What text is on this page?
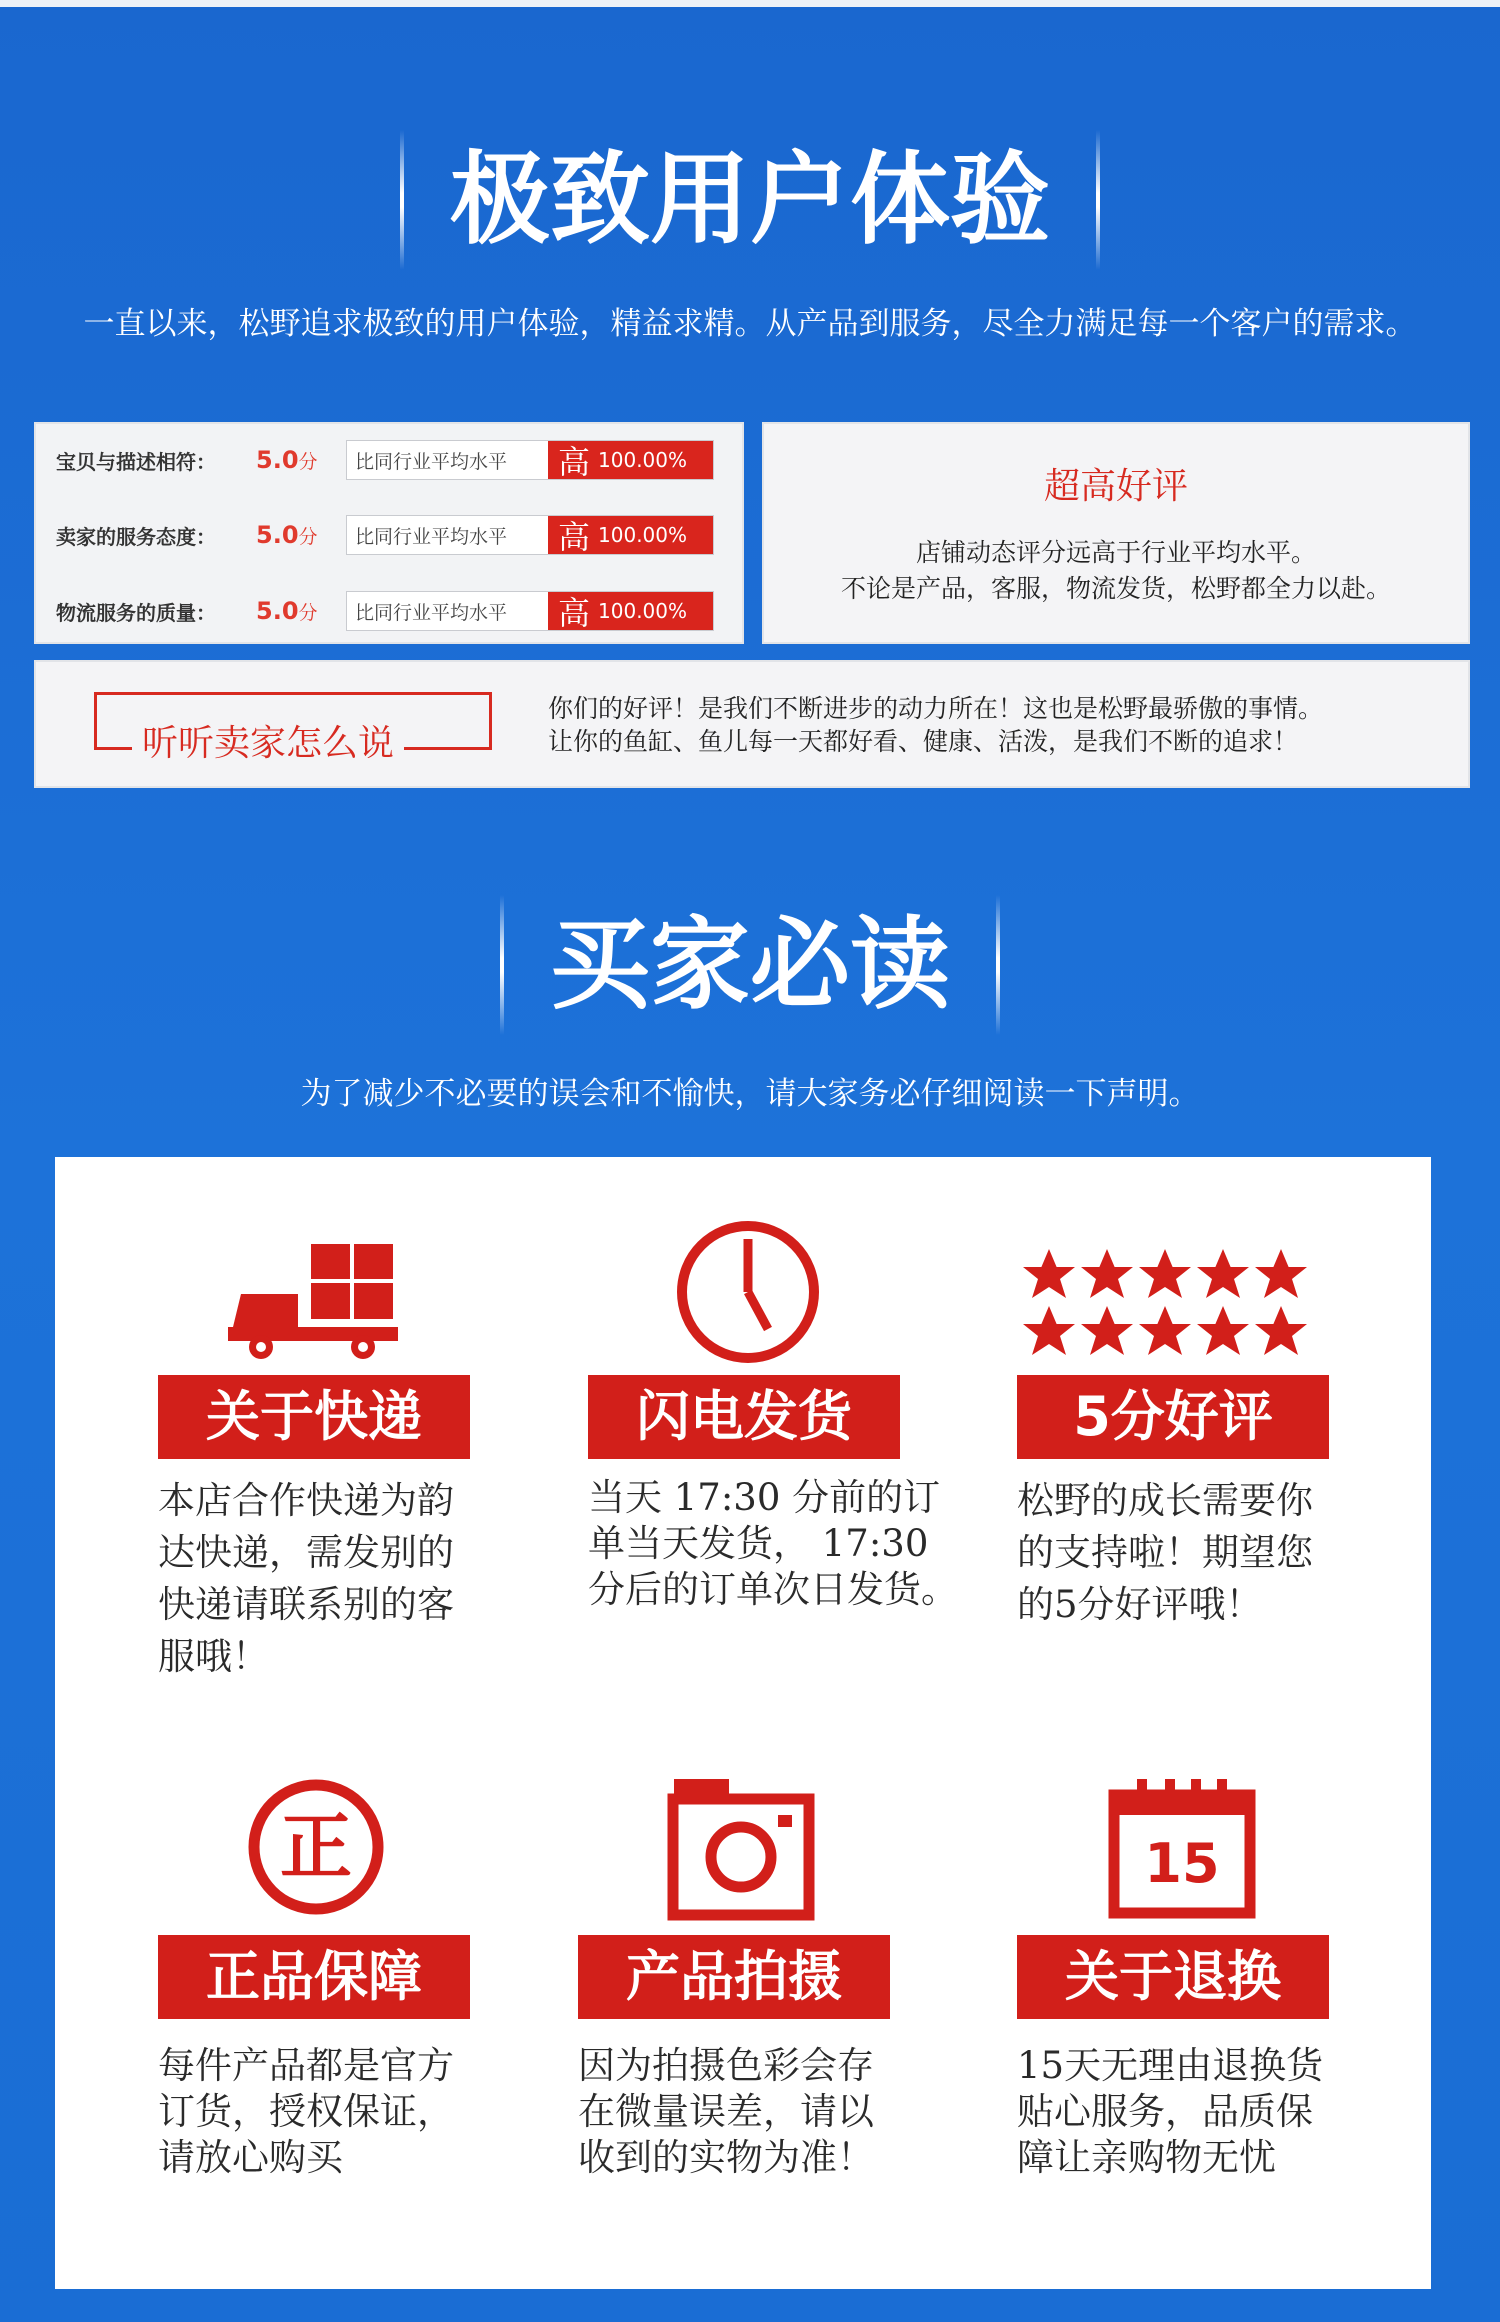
极致用户体验
一直以来，松野追求极致的用户体验，精益求精。从产品到服务，尽全力满足每一个客户的需求。
宝贝与描述相符：	5.0分	比同行业平均水平	高 100.00%
卖家的服务态度：	5.0分	比同行业平均水平	高 100.00%
物流服务的质量：	5.0分	比同行业平均水平	高 100.00%
超高好评
店铺动态评分远高于行业平均水平。
不论是产品，客服，物流发货，松野都全力以赴。
听听卖家怎么说
你们的好评！是我们不断进步的动力所在！这也是松野最骄傲的事情。
让你的鱼缸、鱼儿每一天都好看、健康、活泼，是我们不断的追求！
买家必读
为了减少不必要的误会和不愉快，请大家务必仔细阅读一下声明。
关于快递
本店合作快递为韵
达快递，需发别的
快递请联系别的客
服哦！
闪电发货
当天 17:30 分前的订
单当天发货， 17:30
分后的订单次日发货。
5分好评
松野的成长需要你
的支持啦！期望您
的5分好评哦！
正
正品保障
每件产品都是官方
订货，授权保证，
请放心购买
产品拍摄
因为拍摄色彩会存
在微量误差，请以
收到的实物为准！
15
关于退换
15天无理由退换货
贴心服务，品质保
障让亲购物无忧
